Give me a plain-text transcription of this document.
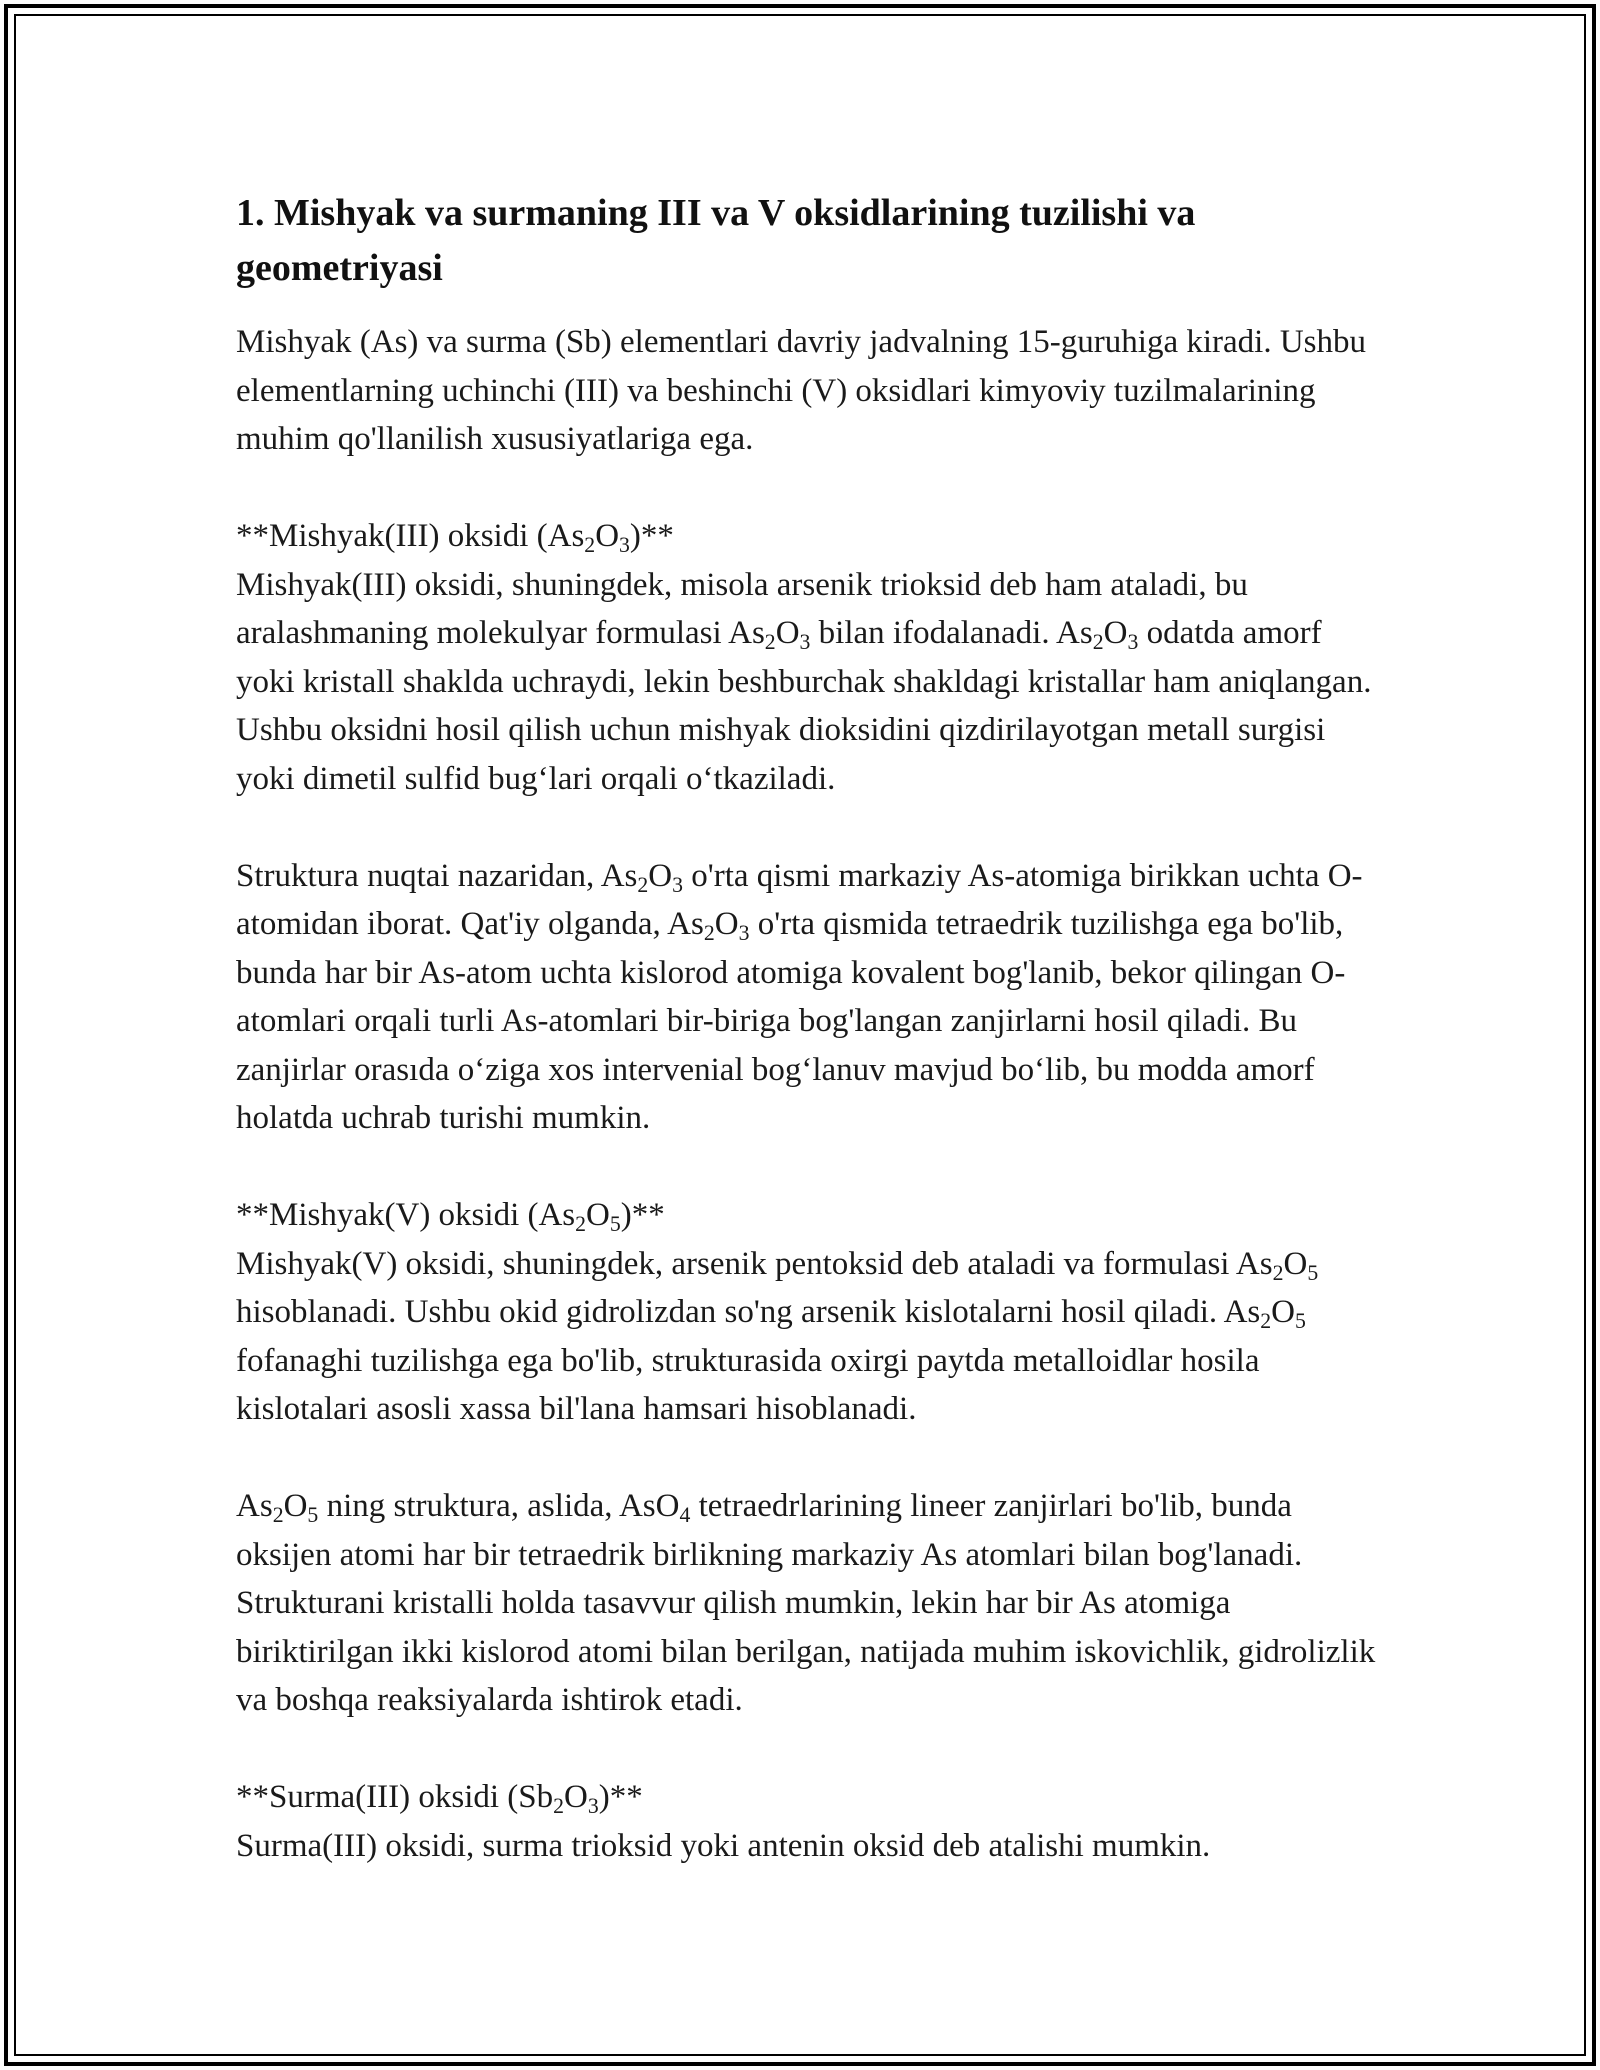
1. Mishyak va surmaning III va V oksidlarining tuzilishi va geometriyasi

Mishyak (As) va surma (Sb) elementlari davriy jadvalning 15-guruhiga kiradi. Ushbu elementlarning uchinchi (III) va beshinchi (V) oksidlari kimyoviy tuzilmalarining muhim qo'llanilish xususiyatlariga ega.

**Mishyak(III) oksidi $(As_2O_3)**$

Mishyak(III) oksidi, shuningdek, misola arsenik trioksid deb ham ataladi, bu aralashmaning molekulyar formulasi $As_2O_3$ bilan ifodalanadi. $As_2O_3$ odatda amorf yoki kristall shaklda uchraydi, lekin beshburchak shakldagi kristallar ham aniqlangan. Ushbu oksidni hosil qilish uchun mishyak dioksidini qizdirilayotgan metall surgisi yoki dimetil sulfid bug‘lari orqali o‘tkaziladi.

Struktura nuqtai nazaridan, $As_2O_3$ o'rta qismi markaziy As-atomiga birikkan uchta O-atomidan iborat. Qat'iy olganda, $As_2O_3$ o'rta qismida tetraedrik tuzilishga ega bo'lib, bunda har bir As-atom uchta kislorod atomiga kovalent bog'lanib, bekor qilingan O-atomlari orqali turli As-atomlari bir-biriga bog'langan zanjirlarni hosil qiladi. Bu zanjirlar orasıda o‘ziga xos intervenial bog‘lanuv mavjud bo‘lib, bu modda amorf holatda uchrab turishi mumkin.

**Mishyak(V) oksidi $(As_2O_5)**$

Mishyak(V) oksidi, shuningdek, arsenik pentoksid deb ataladi va formulasi $As_2O_5$ hisoblanadi. Ushbu okid gidrolizdan so'ng arsenik kislotalarni hosil qiladi. $As_2O_5$ fofanaghi tuzilishga ega bo'lib, strukturasida oxirgi paytda metalloidlar hosila kislotalari asosli xassa bil'lana hamsari hisoblanadi.

$As_2O_5$ ning struktura, aslida, AsO$_4$ tetraedrlarining lineer zanjirlari bo'lib, bunda oksijen atomi har bir tetraedrik birlikning markaziy As atomlari bilan bog'lanadi. Strukturani kristalli holda tasavvur qilish mumkin, lekin har bir As atomiga biriktirilgan ikki kislorod atomi bilan berilgan, natijada muhim iskovichlik, gidrolizlik va boshqa reaksiyalarda ishtirok etadi.

**Surma(III) oksidi $(Sb_2O_3)**$

Surma(III) oksidi, surma trioksid yoki antenin oksid deb atalishi mumkin.
